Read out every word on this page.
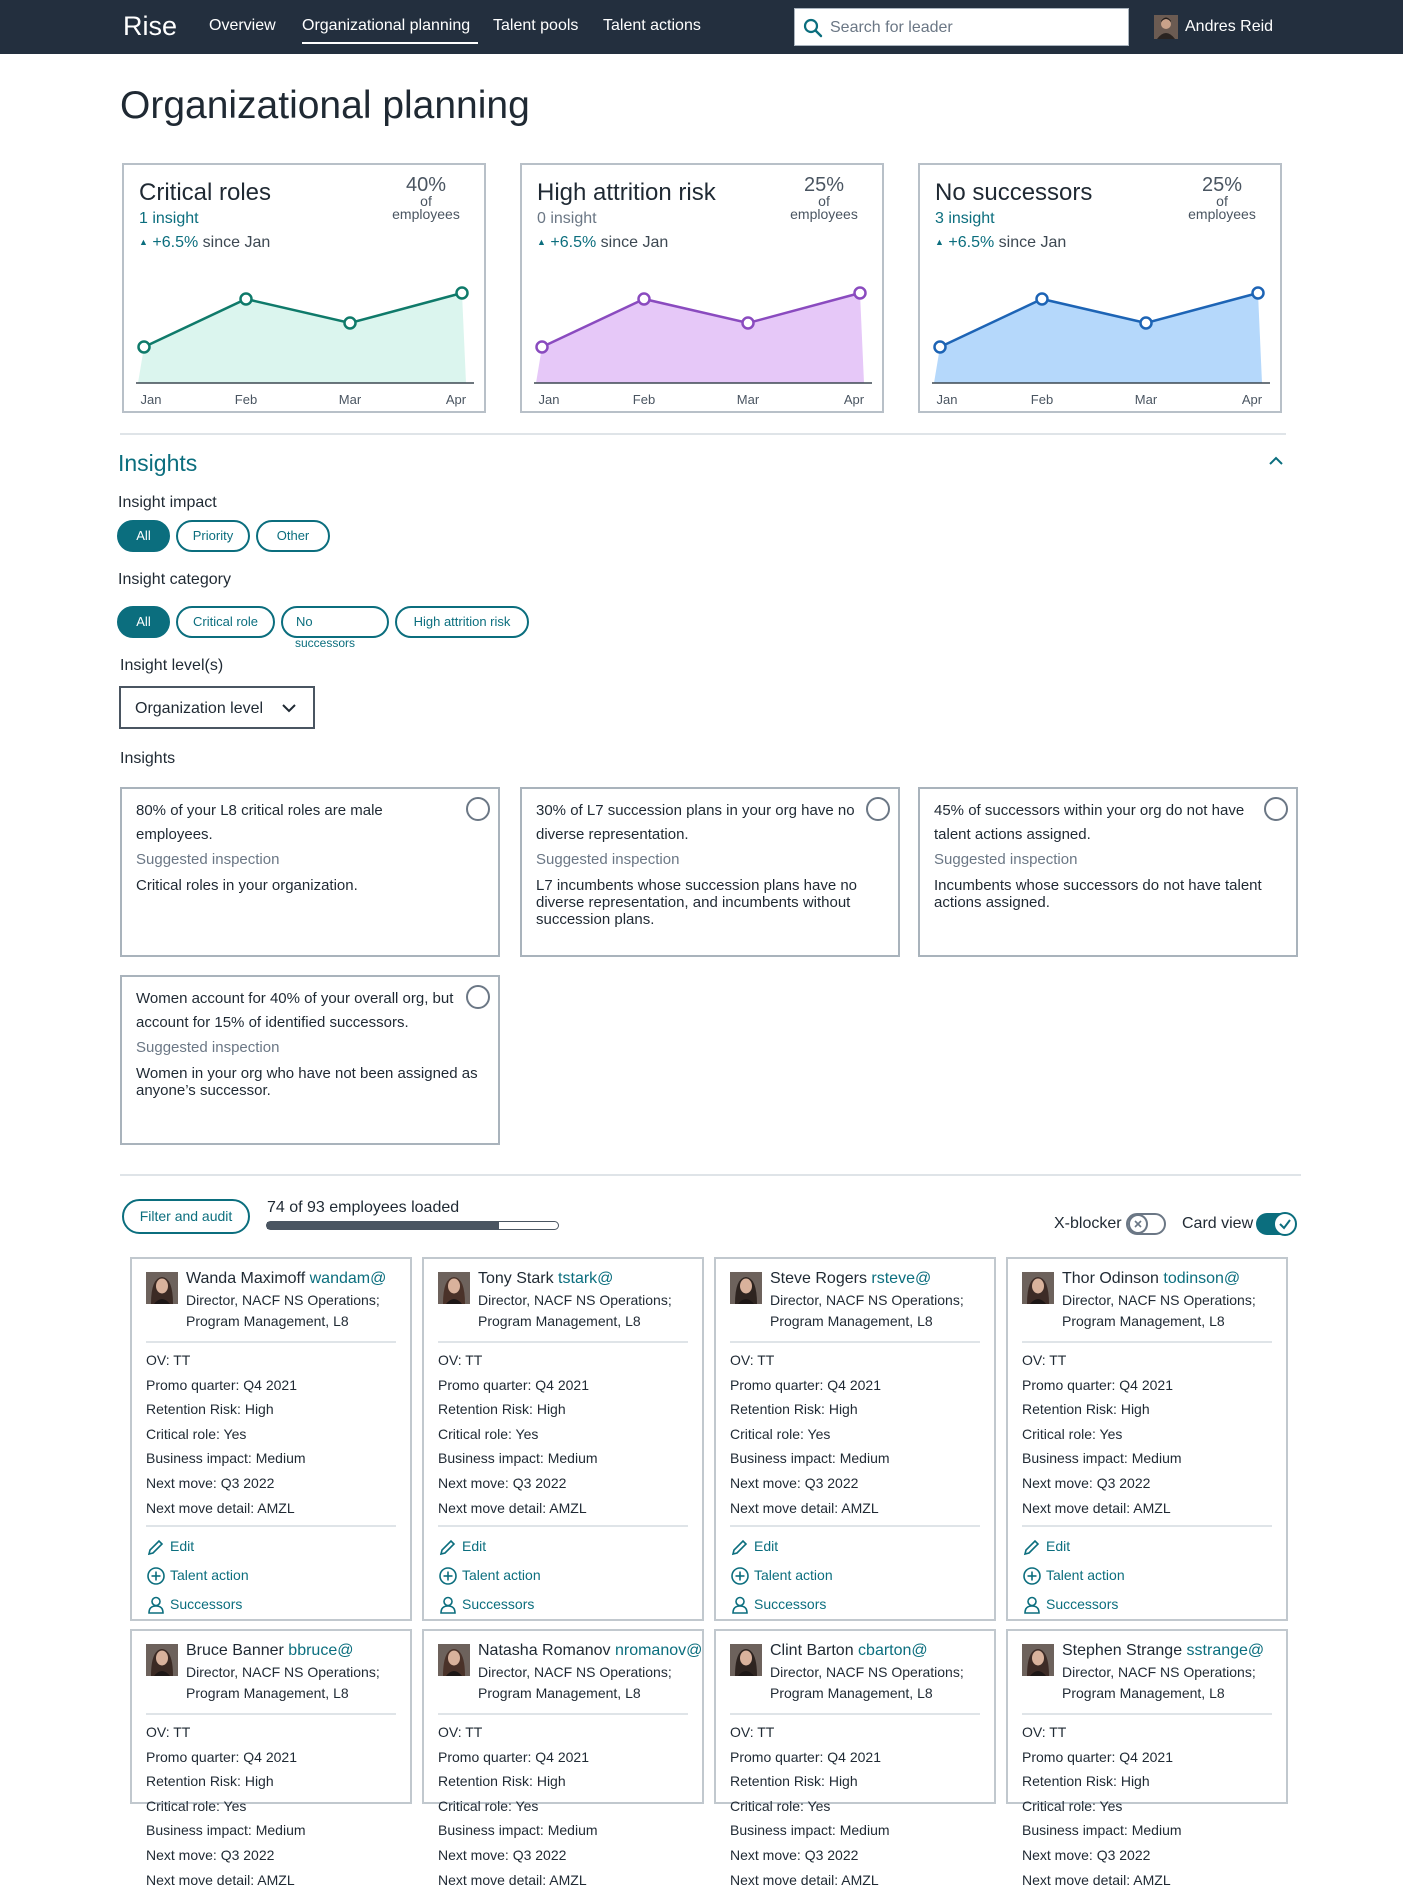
Rise Overview Organizational planning Talent pools Talent actions	Search for leader	Andres Reid
Organizational planning
Critical roles
1 insight
▲ +6.5% since Jan
40%
of
employees
Jan	Feb	Mar	Apr
High attrition risk
0 insight
▲ +6.5% since Jan
25%
of
employees
Jan	Feb	Mar	Apr
No successors
3 insight
▲ +6.5% since Jan
25%
of
employees
Jan	Feb	Mar	Apr
Insights
Insight impact
All	Priority	Other
Insight category
All	Critical role	No
successors
High attrition risk
Insight level(s)
Organization level
Insights
80% of your L8 critical roles are male employees.
Suggested inspection
Critical roles in your organization.
30% of L7 succession plans in your org have no diverse representation.
Suggested inspection
L7 incumbents whose succession plans have no diverse representation, and incumbents without succession plans.
45% of successors within your org do not have talent actions assigned.
Suggested inspection
Incumbents whose successors do not have talent actions assigned.
Women account for 40% of your overall org, but account for 15% of identified successors.
Suggested inspection
Women in your org who have not been assigned as anyone’s successor.
Filter and audit	74 of 93 employees loaded
X-blocker	Card view
Wanda Maximoff wandam@
Director, NACF NS Operations;
Program Management, L8
OV: TT
Promo quarter: Q4 2021
Retention Risk: High
Critical role: Yes
Business impact: Medium
Next move: Q3 2022
Next move detail: AMZL
Edit
Talent action
Successors
Tony Stark tstark@
Director, NACF NS Operations;
Program Management, L8
OV: TT
Promo quarter: Q4 2021
Retention Risk: High
Critical role: Yes
Business impact: Medium
Next move: Q3 2022
Next move detail: AMZL
Edit
Talent action
Successors
Steve Rogers rsteve@
Director, NACF NS Operations;
Program Management, L8
OV: TT
Promo quarter: Q4 2021
Retention Risk: High
Critical role: Yes
Business impact: Medium
Next move: Q3 2022
Next move detail: AMZL
Edit
Talent action
Successors
Thor Odinson todinson@
Director, NACF NS Operations;
Program Management, L8
OV: TT
Promo quarter: Q4 2021
Retention Risk: High
Critical role: Yes
Business impact: Medium
Next move: Q3 2022
Next move detail: AMZL
Edit
Talent action
Successors
Bruce Banner bbruce@
Director, NACF NS Operations;
Program Management, L8
OV: TT
Promo quarter: Q4 2021
Retention Risk: High
Critical role: Yes
Business impact: Medium
Next move: Q3 2022
Next move detail: AMZL
Natasha Romanov nromanov@
Director, NACF NS Operations;
Program Management, L8
OV: TT
Promo quarter: Q4 2021
Retention Risk: High
Critical role: Yes
Business impact: Medium
Next move: Q3 2022
Next move detail: AMZL
Clint Barton cbarton@
Director, NACF NS Operations;
Program Management, L8
OV: TT
Promo quarter: Q4 2021
Retention Risk: High
Critical role: Yes
Business impact: Medium
Next move: Q3 2022
Next move detail: AMZL
Stephen Strange sstrange@
Director, NACF NS Operations;
Program Management, L8
OV: TT
Promo quarter: Q4 2021
Retention Risk: High
Critical role: Yes
Business impact: Medium
Next move: Q3 2022
Next move detail: AMZL
